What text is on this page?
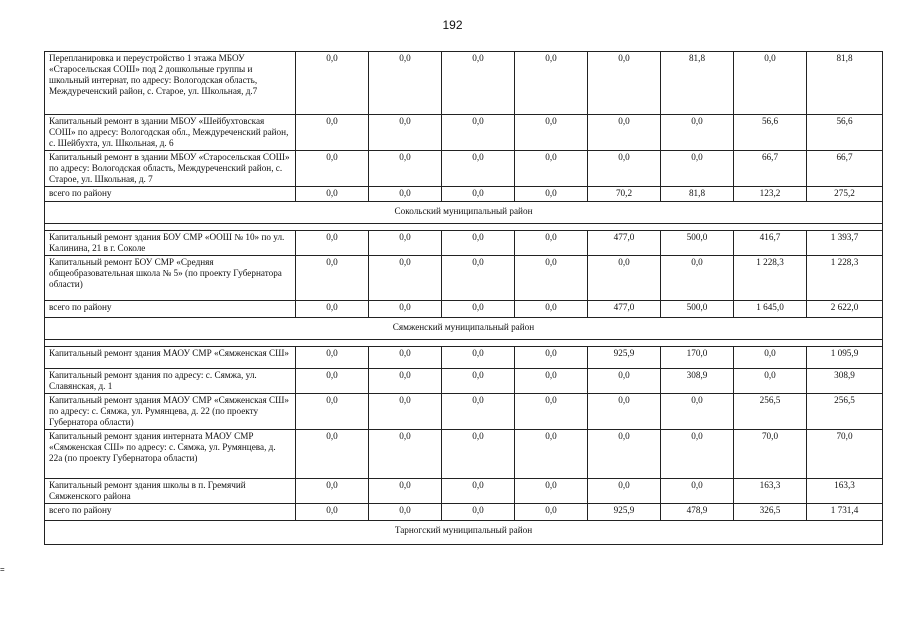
192
Перепланировка и переустройство 1 этажа МБОУ «Старосельская СОШ» под 2 дошкольные группы и школьный интернат, по адресу: Вологодская область, Междуреченский район, с. Старое, ул. Школьная, д.7	0,0	0,0	0,0	0,0	0,0	81,8	0,0	81,8
Капитальный ремонт в здании МБОУ «Шейбухтовская СОШ» по адресу: Вологодская обл., Междуреченский район, с. Шейбухта, ул. Школьная, д. 6	0,0	0,0	0,0	0,0	0,0	0,0	56,6	56,6
Капитальный ремонт в здании МБОУ «Старосельская СОШ» по адресу: Вологодская область, Междуреченский район, с. Старое, ул. Школьная, д. 7	0,0	0,0	0,0	0,0	0,0	0,0	66,7	66,7
всего по району	0,0	0,0	0,0	0,0	70,2	81,8	123,2	275,2
Сокольский муниципальный район								

Капитальный ремонт здания БОУ СМР «ООШ № 10» по ул. Калинина, 21 в г. Соколе	0,0	0,0	0,0	0,0	477,0	500,0	416,7	1 393,7
Капитальный ремонт БОУ СМР «Средняя общеобразовательная школа № 5» (по проекту Губернатора области)	0,0	0,0	0,0	0,0	0,0	0,0	1 228,3	1 228,3
всего по району	0,0	0,0	0,0	0,0	477,0	500,0	1 645,0	2 622,0
Сямженский муниципальный район								

Капитальный ремонт здания МАОУ СМР «Сямженская СШ»	0,0	0,0	0,0	0,0	925,9	170,0	0,0	1 095,9
Капитальный ремонт здания по адресу: с. Сямжа, ул. Славянская, д. 1	0,0	0,0	0,0	0,0	0,0	308,9	0,0	308,9
Капитальный ремонт здания МАОУ СМР «Сямженская СШ» по адресу: с. Сямжа, ул. Румянцева, д. 22 (по проекту Губернатора области)	0,0	0,0	0,0	0,0	0,0	0,0	256,5	256,5
Капитальный ремонт здания интерната МАОУ СМР «Сямженская СШ» по адресу: с. Сямжа, ул. Румянцева, д. 22а (по проекту Губернатора области)	0,0	0,0	0,0	0,0	0,0	0,0	70,0	70,0
Капитальный ремонт здания школы в п. Гремячий Сямженского района	0,0	0,0	0,0	0,0	0,0	0,0	163,3	163,3
всего по району	0,0	0,0	0,0	0,0	925,9	478,9	326,5	1 731,4
Тарногский муниципальный район								
=
